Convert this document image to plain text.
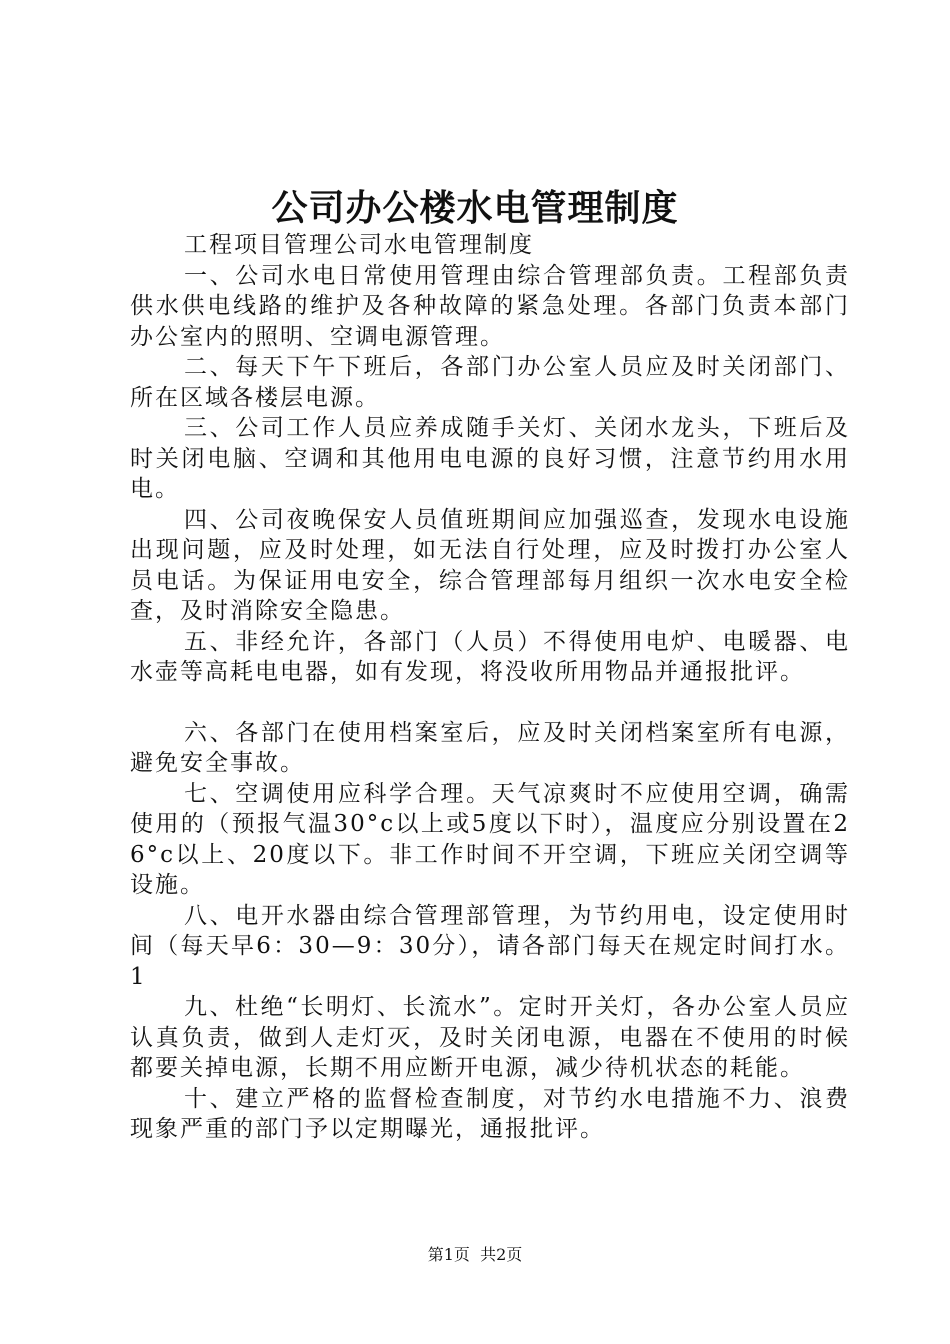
公司办公楼水电管理制度

工程项目管理公司水电管理制度

一、公司水电日常使用管理由综合管理部负责。工程部负责供水供电线路的维护及各种故障的紧急处理。各部门负责本部门办公室内的照明、空调电源管理。

二、每天下午下班后，各部门办公室人员应及时关闭部门、所在区域各楼层电源。

三、公司工作人员应养成随手关灯、关闭水龙头，下班后及时关闭电脑、空调和其他用电电源的良好习惯，注意节约用水用电。

四、公司夜晚保安人员值班期间应加强巡查，发现水电设施出现问题，应及时处理，如无法自行处理，应及时拨打办公室人员电话。为保证用电安全，综合管理部每月组织一次水电安全检查，及时消除安全隐患。

五、非经允许，各部门（人员）不得使用电炉、电暖器、电水壶等高耗电电器，如有发现，将没收所用物品并通报批评。

六、各部门在使用档案室后，应及时关闭档案室所有电源，避免安全事故。

七、空调使用应科学合理。天气凉爽时不应使用空调，确需使用的（预报气温30°c以上或5度以下时），温度应分别设置在26°c以上、20度以下。非工作时间不开空调，下班应关闭空调等设施。

八、电开水器由综合管理部管理，为节约用电，设定使用时间（每天早6：30—9：30分），请各部门每天在规定时间打水。1

九、杜绝“长明灯、长流水”。定时开关灯，各办公室人员应认真负责，做到人走灯灭，及时关闭电源，电器在不使用的时候都要关掉电源，长期不用应断开电源，减少待机状态的耗能。

十、建立严格的监督检查制度，对节约水电措施不力、浪费现象严重的部门予以定期曝光，通报批评。

第1页  共2页
